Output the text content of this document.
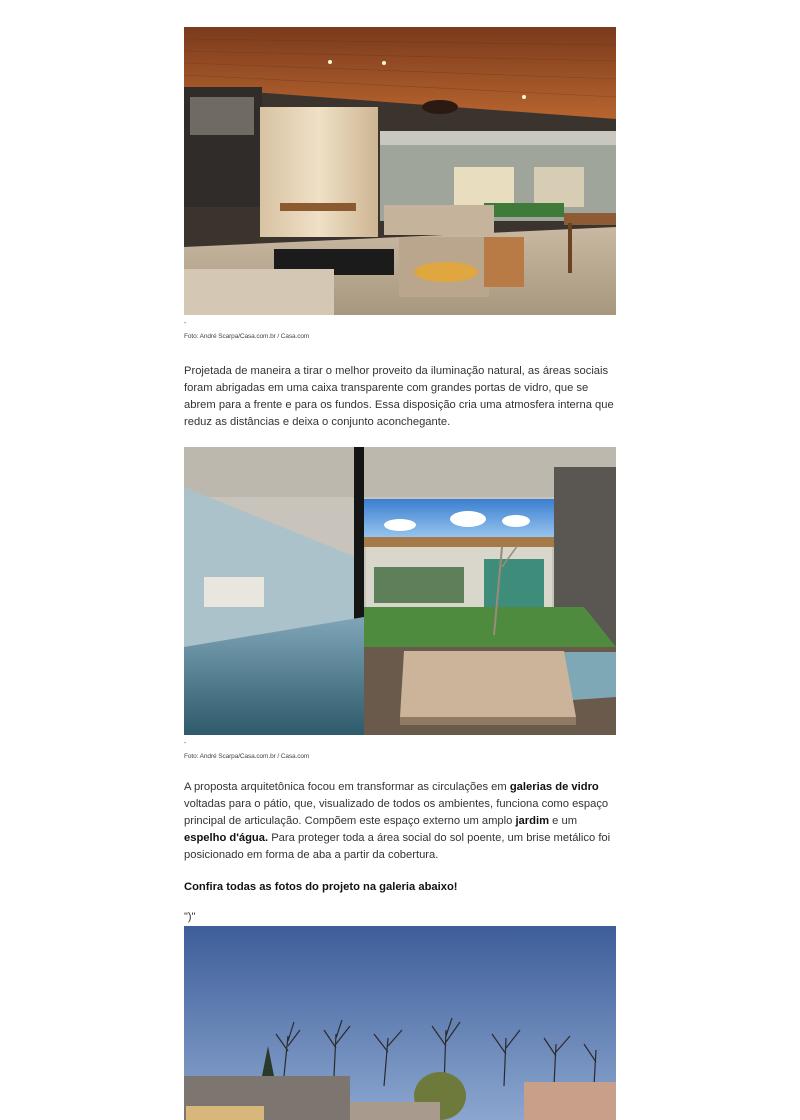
-
Foto: André Scarpa/Casa.com.br / Casa.com

Projetada de maneira a tirar o melhor proveito da iluminação natural, as áreas sociais foram abrigadas em uma caixa transparente com grandes portas de vidro, que se abrem para a frente e para os fundos. Essa disposição cria uma atmosfera interna que reduz as distâncias e deixa o conjunto aconchegante.

-
Foto: André Scarpa/Casa.com.br / Casa.com

A proposta arquitetônica focou em transformar as circulações em galerias de vidro voltadas para o pátio, que, visualizado de todos os ambientes, funciona como espaço principal de articulação. Compõem este espaço externo um amplo jardim e um espelho d'água. Para proteger toda a área social do sol poente, um brise metálico foi posicionado em forma de aba a partir da cobertura.

Confira todas as fotos do projeto na galeria abaixo!
")"
